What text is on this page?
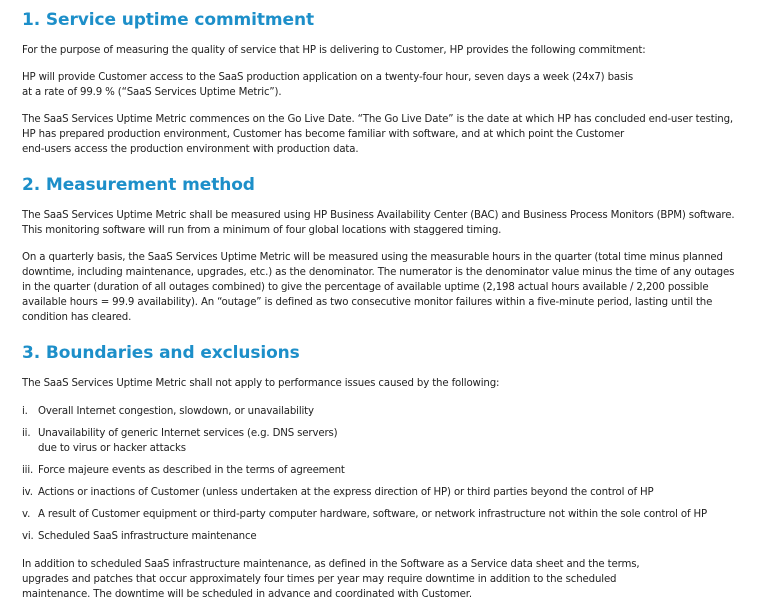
1. Service uptime commitment

For the purpose of measuring the quality of service that HP is delivering to Customer, HP provides the following commitment:

HP will provide Customer access to the SaaS production application on a twenty-four hour, seven days a week (24x7) basis
at a rate of 99.9 % (“SaaS Services Uptime Metric”).

The SaaS Services Uptime Metric commences on the Go Live Date. “The Go Live Date” is the date at which HP has concluded end-user testing,
HP has prepared production environment, Customer has become familiar with software, and at which point the Customer
end-users access the production environment with production data.

2. Measurement method

The SaaS Services Uptime Metric shall be measured using HP Business Availability Center (BAC) and Business Process Monitors (BPM) software.
This monitoring software will run from a minimum of four global locations with staggered timing.

On a quarterly basis, the SaaS Services Uptime Metric will be measured using the measurable hours in the quarter (total time minus planned
downtime, including maintenance, upgrades, etc.) as the denominator. The numerator is the denominator value minus the time of any outages
in the quarter (duration of all outages combined) to give the percentage of available uptime (2,198 actual hours available / 2,200 possible
available hours = 99.9 availability). An “outage” is defined as two consecutive monitor failures within a five-minute period, lasting until the
condition has cleared.

3. Boundaries and exclusions

The SaaS Services Uptime Metric shall not apply to performance issues caused by the following:

i.	Overall Internet congestion, slowdown, or unavailability
ii. Unavailability of generic Internet services (e.g. DNS servers)
due to virus or hacker attacks
iii. Force majeure events as described in the terms of agreement
iv. Actions or inactions of Customer (unless undertaken at the express direction of HP) or third parties beyond the control of HP
v. A result of Customer equipment or third-party computer hardware, software, or network infrastructure not within the sole control of HP
vi. Scheduled SaaS infrastructure maintenance

In addition to scheduled SaaS infrastructure maintenance, as defined in the Software as a Service data sheet and the terms,
upgrades and patches that occur approximately four times per year may require downtime in addition to the scheduled
maintenance. The downtime will be scheduled in advance and coordinated with Customer.
